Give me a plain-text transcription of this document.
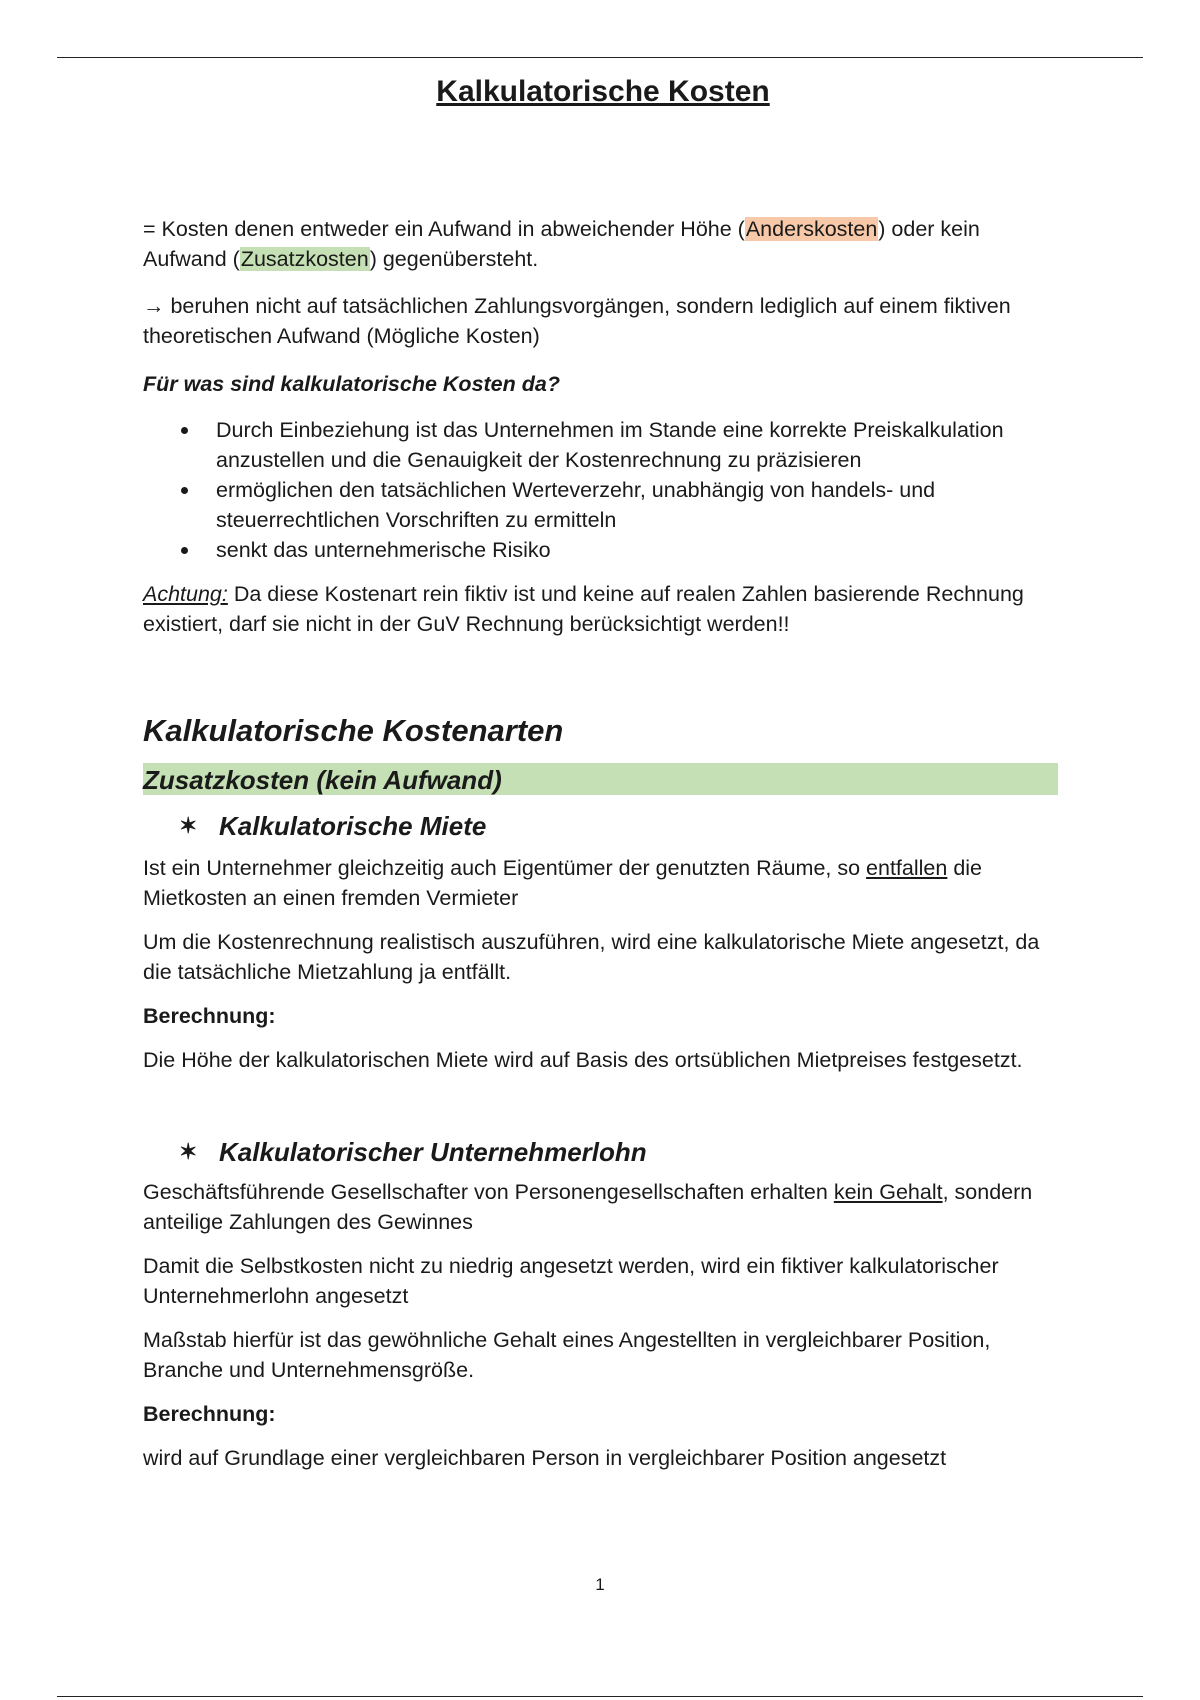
Kalkulatorische Kosten

= Kosten denen entweder ein Aufwand in abweichender Höhe (Anderskosten) oder kein Aufwand (Zusatzkosten) gegenübersteht.

→ beruhen nicht auf tatsächlichen Zahlungsvorgängen, sondern lediglich auf einem fiktiven theoretischen Aufwand (Mögliche Kosten)

Für was sind kalkulatorische Kosten da?

Durch Einbeziehung ist das Unternehmen im Stande eine korrekte Preiskalkulation anzustellen und die Genauigkeit der Kostenrechnung zu präzisieren
ermöglichen den tatsächlichen Werteverzehr, unabhängig von handels- und steuerrechtlichen Vorschriften zu ermitteln
senkt das unternehmerische Risiko

Achtung: Da diese Kostenart rein fiktiv ist und keine auf realen Zahlen basierende Rechnung existiert, darf sie nicht in der GuV Rechnung berücksichtigt werden!!

Kalkulatorische Kostenarten
Zusatzkosten (kein Aufwand)
✶ Kalkulatorische Miete

Ist ein Unternehmer gleichzeitig auch Eigentümer der genutzten Räume, so entfallen die Mietkosten an einen fremden Vermieter

Um die Kostenrechnung realistisch auszuführen, wird eine kalkulatorische Miete angesetzt, da die tatsächliche Mietzahlung ja entfällt.

Berechnung:

Die Höhe der kalkulatorischen Miete wird auf Basis des ortsüblichen Mietpreises festgesetzt.

✶ Kalkulatorischer Unternehmerlohn

Geschäftsführende Gesellschafter von Personengesellschaften erhalten kein Gehalt, sondern anteilige Zahlungen des Gewinnes

Damit die Selbstkosten nicht zu niedrig angesetzt werden, wird ein fiktiver kalkulatorischer Unternehmerlohn angesetzt

Maßstab hierfür ist das gewöhnliche Gehalt eines Angestellten in vergleichbarer Position, Branche und Unternehmensgröße.

Berechnung:

wird auf Grundlage einer vergleichbaren Person in vergleichbarer Position angesetzt

1
